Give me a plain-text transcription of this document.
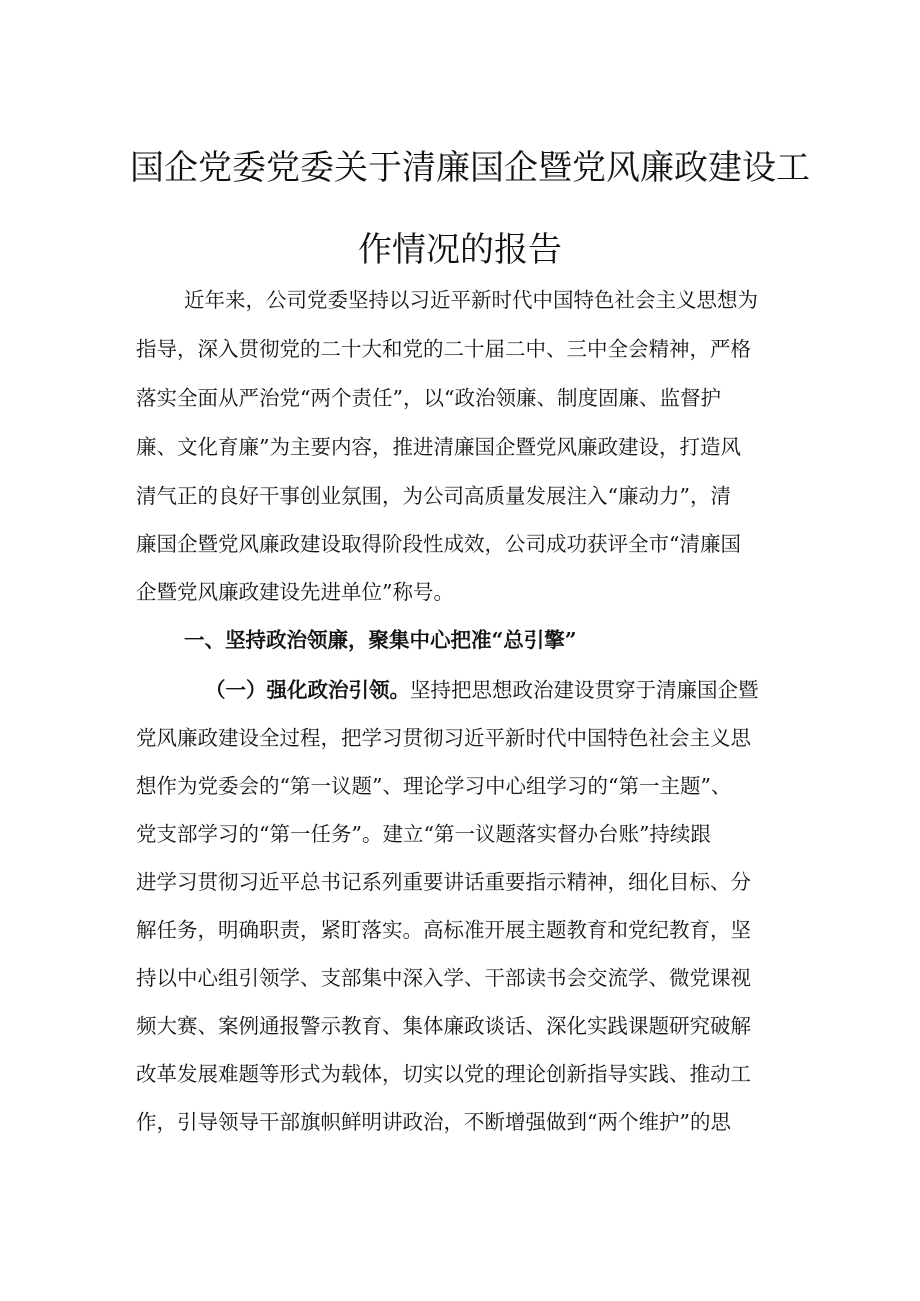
国企党委党委关于清廉国企暨党风廉政建设工
作情况的报告
近年来，公司党委坚持以习近平新时代中国特色社会主义思想为
指导，深入贯彻党的二十大和党的二十届二中、三中全会精神，严格
落实全面从严治党“两个责任”，以“政治领廉、制度固廉、监督护
廉、文化育廉”为主要内容，推进清廉国企暨党风廉政建设，打造风
清气正的良好干事创业氛围，为公司高质量发展注入“廉动力”，清
廉国企暨党风廉政建设取得阶段性成效，公司成功获评全市“清廉国
企暨党风廉政建设先进单位”称号。
一、坚持政治领廉，聚集中心把准“总引擎”
（一）强化政治引领。坚持把思想政治建设贯穿于清廉国企暨
党风廉政建设全过程，把学习贯彻习近平新时代中国特色社会主义思
想作为党委会的“第一议题”、理论学习中心组学习的“第一主题”、
党支部学习的“第一任务”。建立“第一议题落实督办台账”持续跟
进学习贯彻习近平总书记系列重要讲话重要指示精神，细化目标、分
解任务，明确职责，紧盯落实。高标准开展主题教育和党纪教育，坚
持以中心组引领学、支部集中深入学、干部读书会交流学、微党课视
频大赛、案例通报警示教育、集体廉政谈话、深化实践课题研究破解
改革发展难题等形式为载体，切实以党的理论创新指导实践、推动工
作，引导领导干部旗帜鲜明讲政治，不断增强做到“两个维护”的思
